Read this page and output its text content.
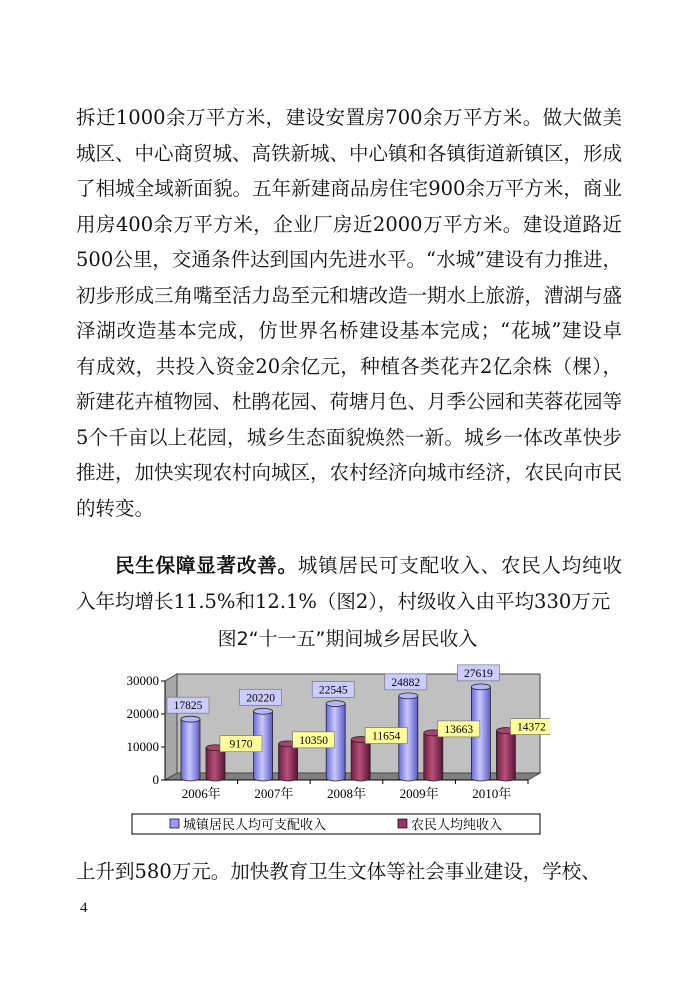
拆迁1000余万平方米，建设安置房700余万平方米。做大做美城区、中心商贸城、高铁新城、中心镇和各镇街道新镇区，形成了相城全域新面貌。五年新建商品房住宅900余万平方米，商业用房400余万平方米，企业厂房近2000万平方米。建设道路近500公里，交通条件达到国内先进水平。“水城”建设有力推进，初步形成三角嘴至活力岛至元和塘改造一期水上旅游，漕湖与盛泽湖改造基本完成，仿世界名桥建设基本完成；“花城”建设卓有成效，共投入资金20余亿元，种植各类花卉2亿余株（棵），新建花卉植物园、杜鹃花园、荷塘月色、月季公园和芙蓉花园等5个千亩以上花园，城乡生态面貌焕然一新。城乡一体改革快步推进，加快实现农村向城区，农村经济向城市经济，农民向市民的转变。

民生保障显著改善。城镇居民可支配收入、农民人均纯收入年均增长11.5%和12.1%（图2），村级收入由平均330万元

图2“十一五”期间城乡居民收入
0
10000
20000
30000
2006年	2007年	2008年	2009年	2010年
17825
20220
22545
24882
27619
9170	10350	11654
13663	14372
城镇居民人均可支配收入	农民人均纯收入

上升到580万元。加快教育卫生文体等社会事业建设，学校、

4
